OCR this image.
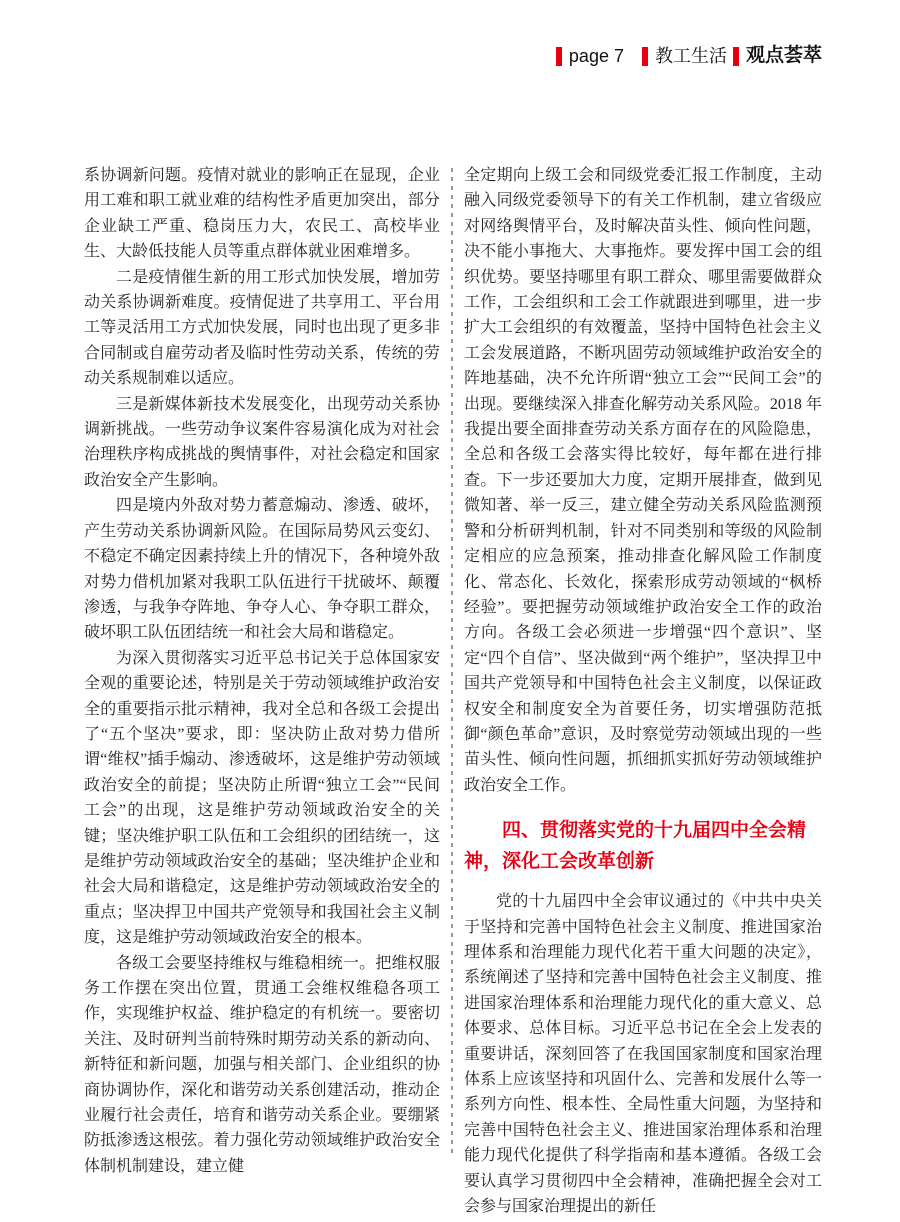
page 7 教工生活 观点荟萃

系协调新问题。疫情对就业的影响正在显现，企业用工难和职工就业难的结构性矛盾更加突出，部分企业缺工严重、稳岗压力大，农民工、高校毕业生、大龄低技能人员等重点群体就业困难增多。

二是疫情催生新的用工形式加快发展，增加劳动关系协调新难度。疫情促进了共享用工、平台用工等灵活用工方式加快发展，同时也出现了更多非合同制或自雇劳动者及临时性劳动关系，传统的劳动关系规制难以适应。

三是新媒体新技术发展变化，出现劳动关系协调新挑战。一些劳动争议案件容易演化成为对社会治理秩序构成挑战的舆情事件，对社会稳定和国家政治安全产生影响。

四是境内外敌对势力蓄意煽动、渗透、破坏，产生劳动关系协调新风险。在国际局势风云变幻、不稳定不确定因素持续上升的情况下，各种境外敌对势力借机加紧对我职工队伍进行干扰破坏、颠覆渗透，与我争夺阵地、争夺人心、争夺职工群众，破坏职工队伍团结统一和社会大局和谐稳定。

为深入贯彻落实习近平总书记关于总体国家安全观的重要论述，特别是关于劳动领域维护政治安全的重要指示批示精神，我对全总和各级工会提出了“五个坚决”要求，即：坚决防止敌对势力借所谓“维权”插手煽动、渗透破坏，这是维护劳动领域政治安全的前提；坚决防止所谓“独立工会”“民间工会”的出现，这是维护劳动领域政治安全的关键；坚决维护职工队伍和工会组织的团结统一，这是维护劳动领域政治安全的基础；坚决维护企业和社会大局和谐稳定，这是维护劳动领域政治安全的重点；坚决捍卫中国共产党领导和我国社会主义制度，这是维护劳动领域政治安全的根本。

各级工会要坚持维权与维稳相统一。把维权服务工作摆在突出位置，贯通工会维权维稳各项工作，实现维护权益、维护稳定的有机统一。要密切关注、及时研判当前特殊时期劳动关系的新动向、新特征和新问题，加强与相关部门、企业组织的协商协调协作，深化和谐劳动关系创建活动，推动企业履行社会责任，培育和谐劳动关系企业。要绷紧防抵渗透这根弦。着力强化劳动领域维护政治安全体制机制建设，建立健

全定期向上级工会和同级党委汇报工作制度，主动融入同级党委领导下的有关工作机制，建立省级应对网络舆情平台，及时解决苗头性、倾向性问题，决不能小事拖大、大事拖炸。要发挥中国工会的组织优势。要坚持哪里有职工群众、哪里需要做群众工作，工会组织和工会工作就跟进到哪里，进一步扩大工会组织的有效覆盖，坚持中国特色社会主义工会发展道路，不断巩固劳动领域维护政治安全的阵地基础，决不允许所谓“独立工会”“民间工会”的出现。要继续深入排查化解劳动关系风险。2018 年我提出要全面排查劳动关系方面存在的风险隐患，全总和各级工会落实得比较好，每年都在进行排查。下一步还要加大力度，定期开展排查，做到见微知著、举一反三，建立健全劳动关系风险监测预警和分析研判机制，针对不同类别和等级的风险制定相应的应急预案，推动排查化解风险工作制度化、常态化、长效化，探索形成劳动领域的“枫桥经验”。要把握劳动领域维护政治安全工作的政治方向。各级工会必须进一步增强“四个意识”、坚定“四个自信”、坚决做到“两个维护”，坚决捍卫中国共产党领导和中国特色社会主义制度，以保证政权安全和制度安全为首要任务，切实增强防范抵御“颜色革命”意识，及时察觉劳动领域出现的一些苗头性、倾向性问题，抓细抓实抓好劳动领域维护政治安全工作。

四、贯彻落实党的十九届四中全会精神，深化工会改革创新

党的十九届四中全会审议通过的《中共中央关于坚持和完善中国特色社会主义制度、推进国家治理体系和治理能力现代化若干重大问题的决定》，系统阐述了坚持和完善中国特色社会主义制度、推进国家治理体系和治理能力现代化的重大意义、总体要求、总体目标。习近平总书记在全会上发表的重要讲话，深刻回答了在我国国家制度和国家治理体系上应该坚持和巩固什么、完善和发展什么等一系列方向性、根本性、全局性重大问题，为坚持和完善中国特色社会主义、推进国家治理体系和治理能力现代化提供了科学指南和基本遵循。各级工会要认真学习贯彻四中全会精神，准确把握全会对工会参与国家治理提出的新任
